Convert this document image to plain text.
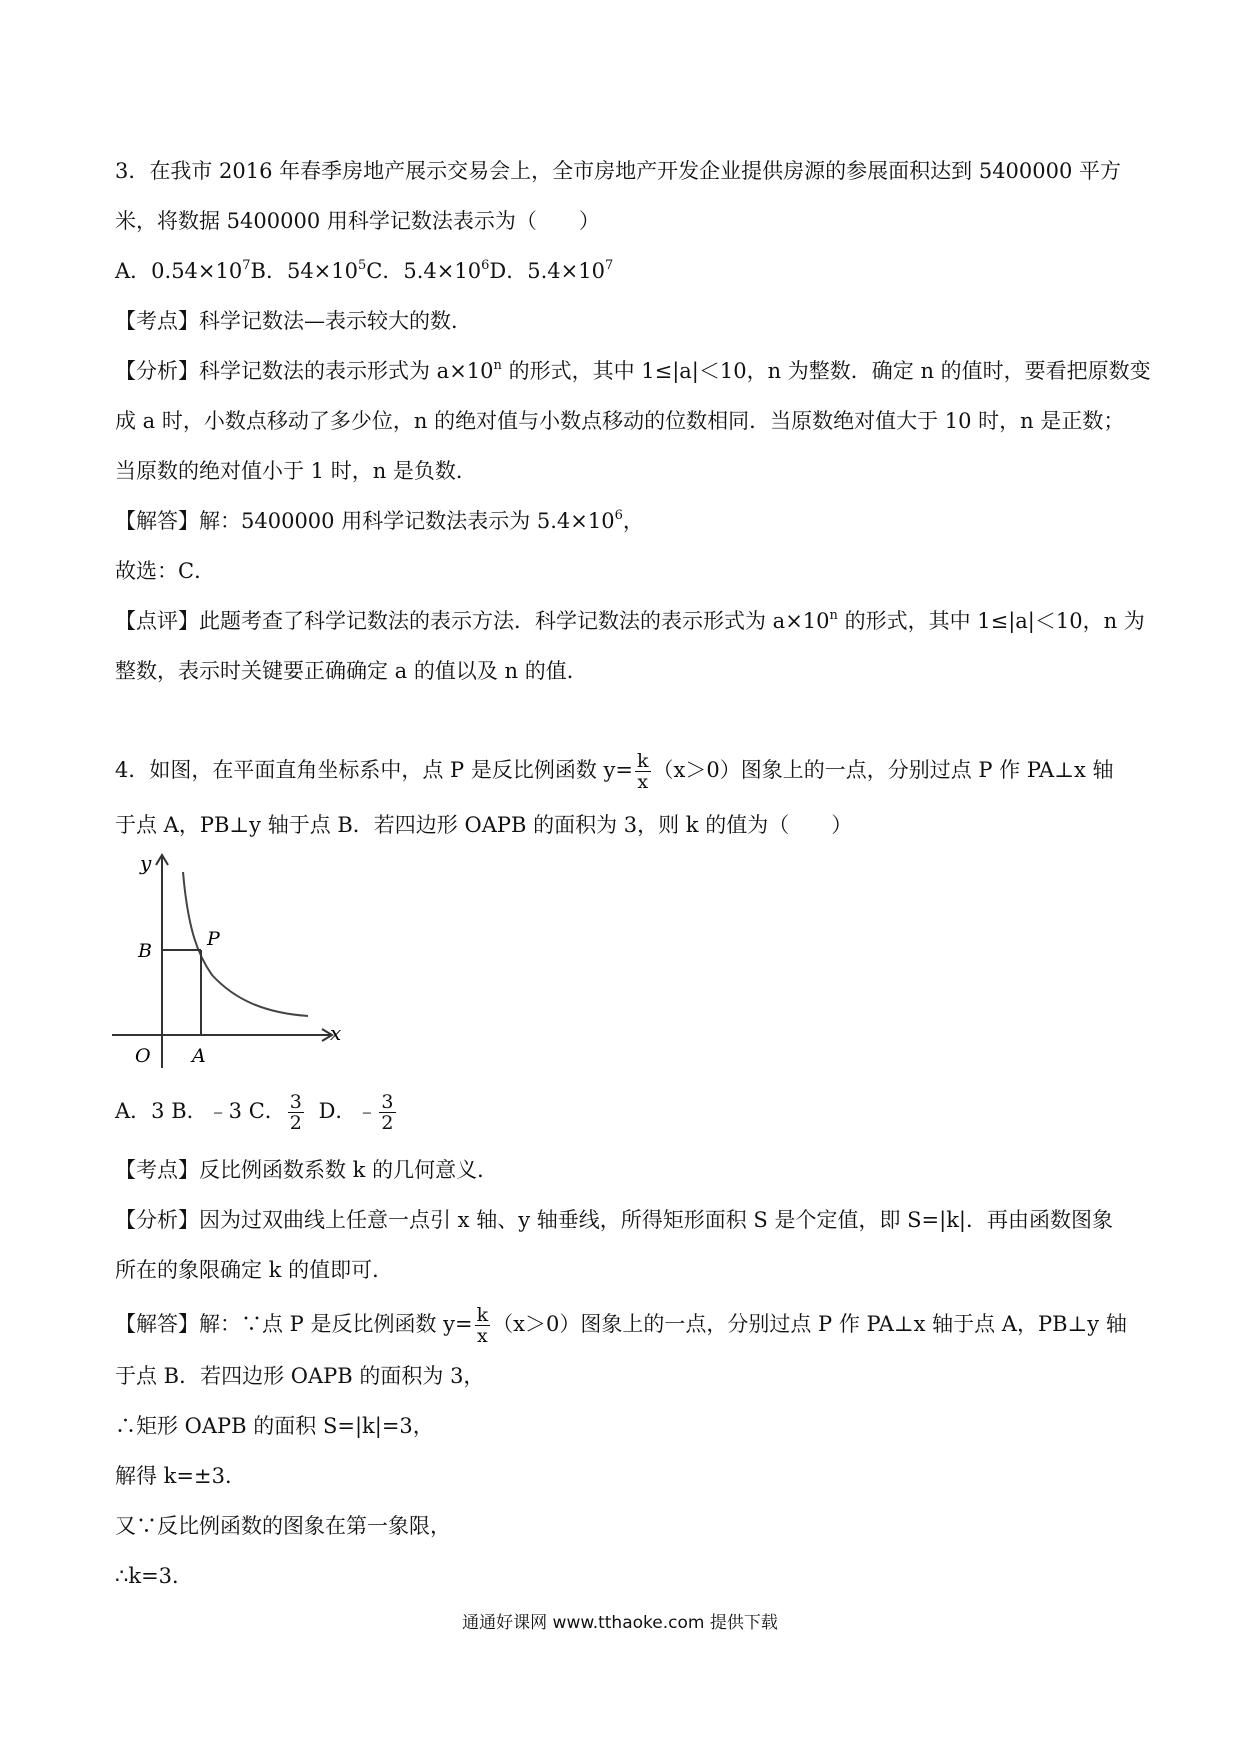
3．在我市 2016 年春季房地产展示交易会上，全市房地产开发企业提供房源的参展面积达到 5400000 平方
米，将数据 5400000 用科学记数法表示为（　　）
A．$0.54\times 10^7B$．$54\times 10^5C$．$5.4\times 10^6D$．$5.4\times 10^7$
【考点】科学记数法—表示较大的数．
【分析】科学记数法的表示形式为 $a\times 10^n$ 的形式，其中 1≤|a|＜10，n 为整数．确定 n 的值时，要看把原数变
成 a 时，小数点移动了多少位，n 的绝对值与小数点移动的位数相同．当原数绝对值大于 10 时，n 是正数；
当原数的绝对值小于 1 时，n 是负数．
【解答】解：5400000 用科学记数法表示为 $5.4\times 10^6$，
故选：C．
【点评】此题考查了科学记数法的表示方法．科学记数法的表示形式为 $a\times 10^n$ 的形式，其中 1≤|a|＜10，n 为
整数，表示时关键要正确确定 a 的值以及 n 的值．
4．如图，在平面直角坐标系中，点 P 是反比例函数 $y= \frac{k}{x} (x>0)$图象上的一点，分别过点 P 作 PA⊥x 轴
于点 A，PB⊥y 轴于点 B．若四边形 OAPB 的面积为 3，则 k 的值为（　　）
y
x
O A
B
P
A．3 B．﹣3 C． $\frac{3}{2}$ D．﹣ $\frac{3}{2}$
【考点】反比例函数系数 k 的几何意义．
【分析】因为过双曲线上任意一点引 x 轴、y 轴垂线，所得矩形面积 S 是个定值，即 S=|k|．再由函数图象
所在的象限确定 k 的值即可．
【解答】解：∵点 P 是反比例函数 $y= \frac{k}{x} (x>0)$图象上的一点，分别过点 P 作 PA⊥x 轴于点 A，PB⊥y 轴
于点 B．若四边形 OAPB 的面积为 3，
∴矩形 OAPB 的面积 S=|k|=3，
解得 k=±3．
又∵反比例函数的图象在第一象限，
∴k=3．
通通好课网 www.tthaoke.com 提供下载
